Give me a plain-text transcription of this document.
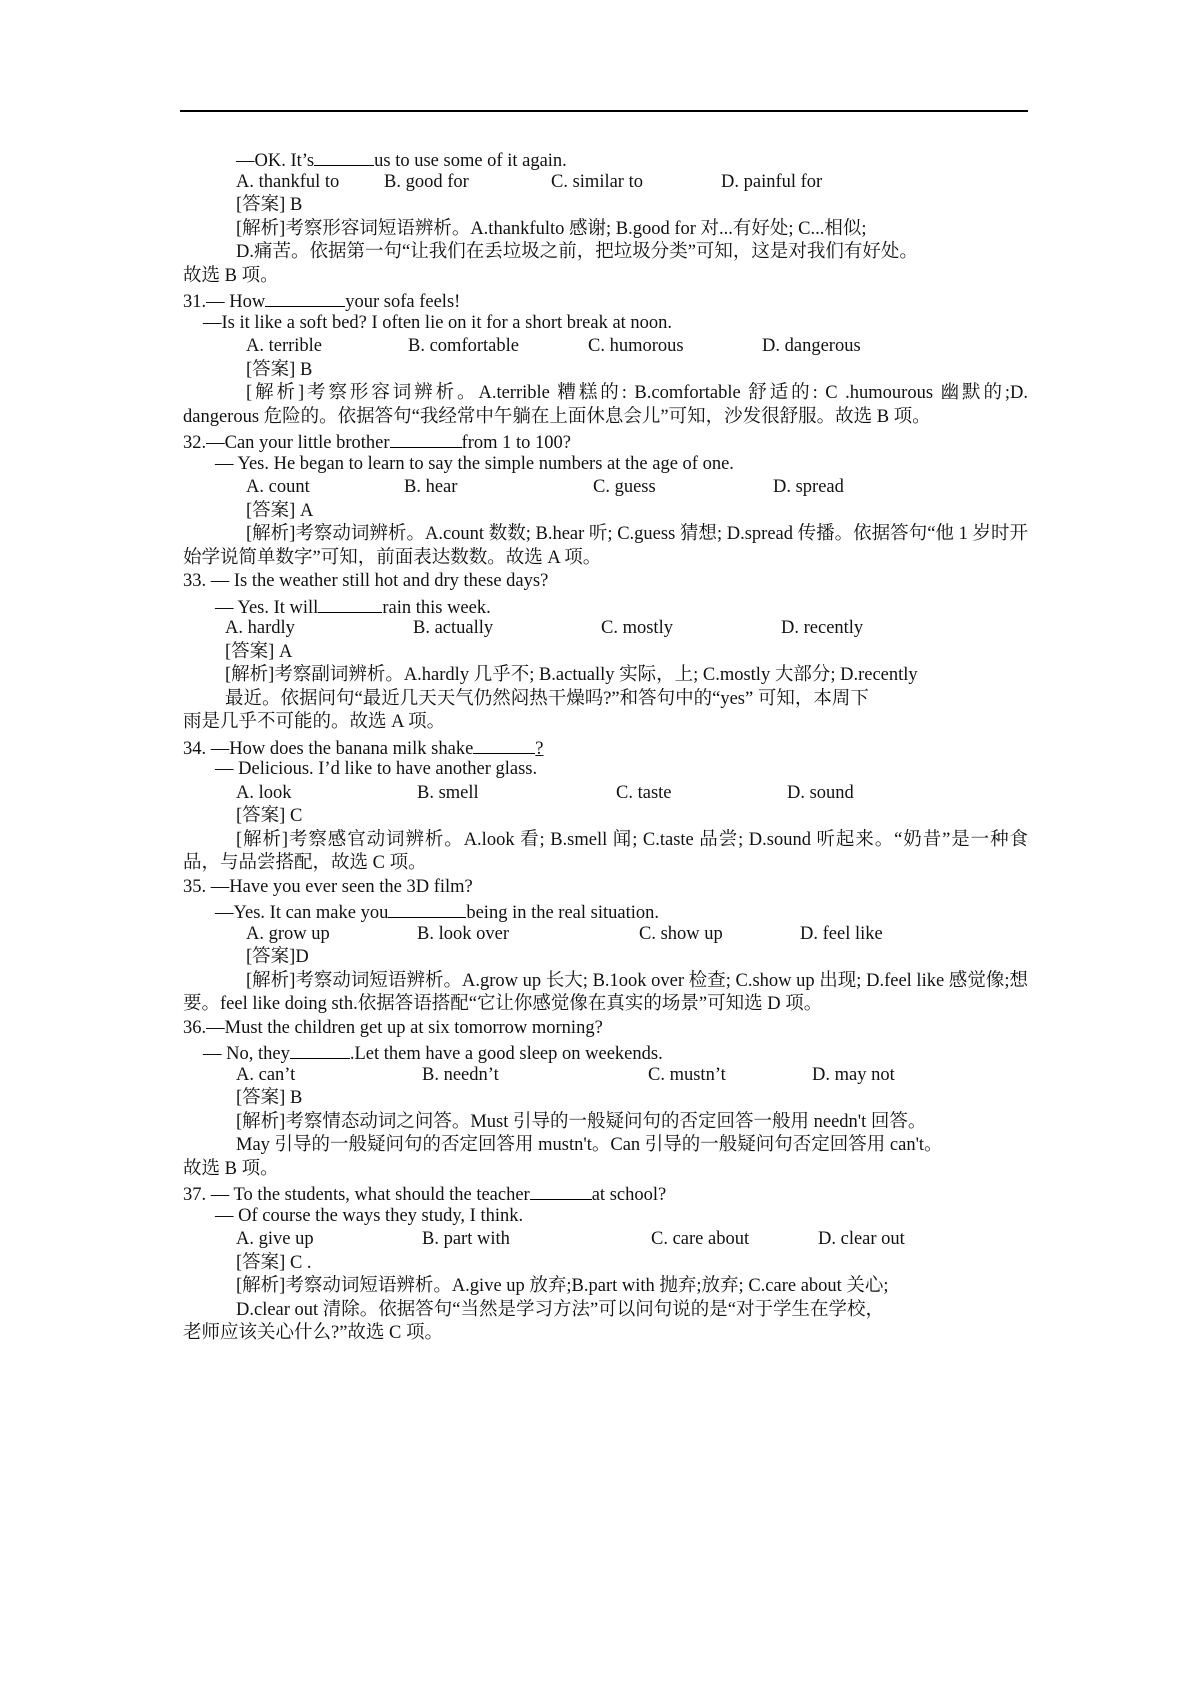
—OK. It’s	us to use some of it again.
A. thankful to	B. good for	C. similar to	D. painful for
[答案] B
[解析]考察形容词短语辨析。A.thankfulto 感谢; B.good for 对...有好处; C...相似;
D.痛苦。依据第一句“让我们在丢垃圾之前，把垃圾分类”可知，这是对我们有好处。
故选 B 项。
31.— How	your sofa feels!
—Is it like a soft bed? I often lie on it for a short break at noon.
A. terrible	B. comfortable	C. humorous	D. dangerous
[答案] B
[解析]考察形容词辨析。A.terrible 糟糕的: B.comfortable 舒适的: C .humourous 幽默的;D. dangerous 危险的。依据答句“我经常中午躺在上面休息会儿”可知，沙发很舒服。故选 B 项。
32.—Can your little brother	from 1 to 100?
— Yes. He began to learn to say the simple numbers at the age of one.
A. count	B. hear	C. guess	D. spread
[答案] A
[解析]考察动词辨析。A.count 数数; B.hear 听; C.guess 猜想; D.spread 传播。依据答句“他 1 岁时开始学说简单数字”可知，前面表达数数。故选 A 项。
33. — Is the weather still hot and dry these days?
— Yes. It will	rain this week.
A. hardly	B. actually	C. mostly	D. recently
[答案] A
[解析]考察副词辨析。A.hardly 几乎不; B.actually 实际，上; C.mostly 大部分; D.recently
最近。依据问句“最近几天天气仍然闷热干燥吗?”和答句中的“yes” 可知，本周下
雨是几乎不可能的。故选 A 项。
34. —How does the banana milk shake	?
— Delicious. I’d like to have another glass.
A. look	B. smell	C. taste	D. sound
[答案] C
[解析]考察感官动词辨析。A.look 看; B.smell 闻; C.taste 品尝; D.sound 听起来。“奶昔”是一种食品，与品尝搭配，故选 C 项。
35. —Have you ever seen the 3D film?
—Yes. It can make you	being in the real situation.
A. grow up	B. look over	C. show up	D. feel like
[答案]D
[解析]考察动词短语辨析。A.grow up 长大; B.1ook over 检查; C.show up 出现; D.feel like 感觉像;想要。feel like doing sth.依据答语搭配“它让你感觉像在真实的场景”可知选 D 项。
36.—Must the children get up at six tomorrow morning?
— No, they	.Let them have a good sleep on weekends.
A. can’t	B. needn’t	C. mustn’t	D. may not
[答案] B
[解析]考察情态动词之问答。Must 引导的一般疑问句的否定回答一般用 needn't 回答。
May 引导的一般疑问句的否定回答用 mustn't。Can 引导的一般疑问句否定回答用 can't。
故选 B 项。
37. — To the students, what should the teacher	at school?
— Of course the ways they study, I think.
A. give up	B. part with	C. care about	D. clear out
[答案] C .
[解析]考察动词短语辨析。A.give up 放弃;B.part with 抛弃;放弃; C.care about 关心;
D.clear out 清除。依据答句“当然是学习方法”可以问句说的是“对于学生在学校，
老师应该关心什么?”故选 C 项。
